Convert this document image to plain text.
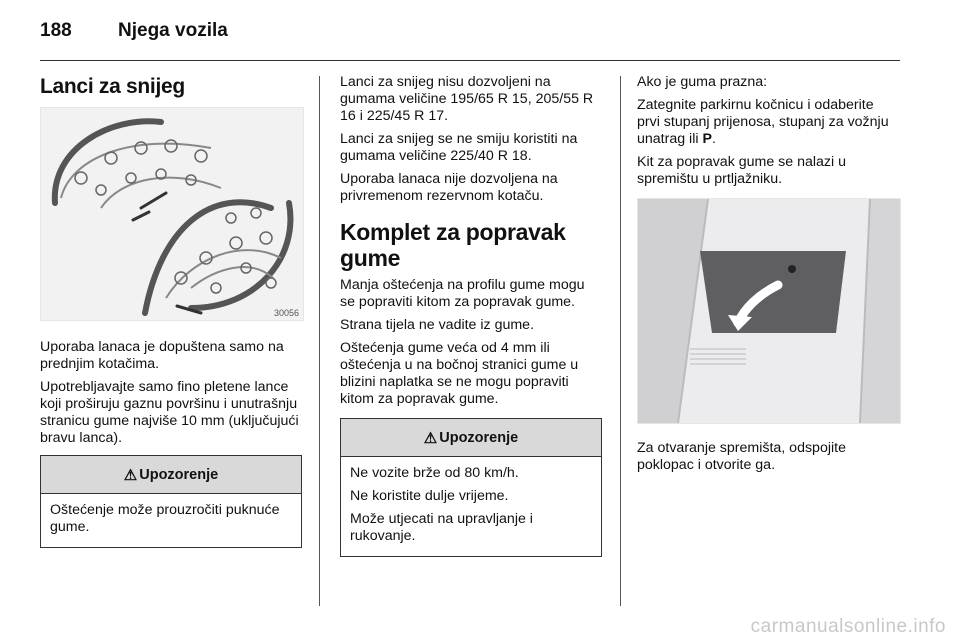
188	Njega vozila
Lanci za snijeg
30056

Uporaba lanaca je dopuštena samo na prednjim kotačima.

Upotrebljavajte samo fino pletene lance koji proširuju gaznu površinu i unutrašnju stranicu gume najviše 10 mm (uključujući bravu lanca).

⚠ Upozorenje

Oštećenje može prouzročiti puknuće gume.

Lanci za snijeg nisu dozvoljeni na gumama veličine 195/65 R 15, 205/55 R 16 i 225/45 R 17.

Lanci za snijeg se ne smiju koristiti na gumama veličine 225/40 R 18.

Uporaba lanaca nije dozvoljena na privremenom rezervnom kotaču.

Komplet za popravak gume

Manja oštećenja na profilu gume mogu se popraviti kitom za popravak gume.

Strana tijela ne vadite iz gume.

Oštećenja gume veća od 4 mm ili oštećenja u na bočnoj stranici gume u blizini naplatka se ne mogu popraviti kitom za popravak gume.

⚠ Upozorenje

Ne vozite brže od 80 km/h.

Ne koristite dulje vrijeme.

Može utjecati na upravljanje i rukovanje.

Ako je guma prazna:

Zategnite parkirnu kočnicu i odaberite prvi stupanj prijenosa, stupanj za vožnju unatrag ili P.

Kit za popravak gume se nalazi u spremištu u prtljažniku.

Za otvaranje spremišta, odspojite poklopac i otvorite ga.

carmanualsonline.info
